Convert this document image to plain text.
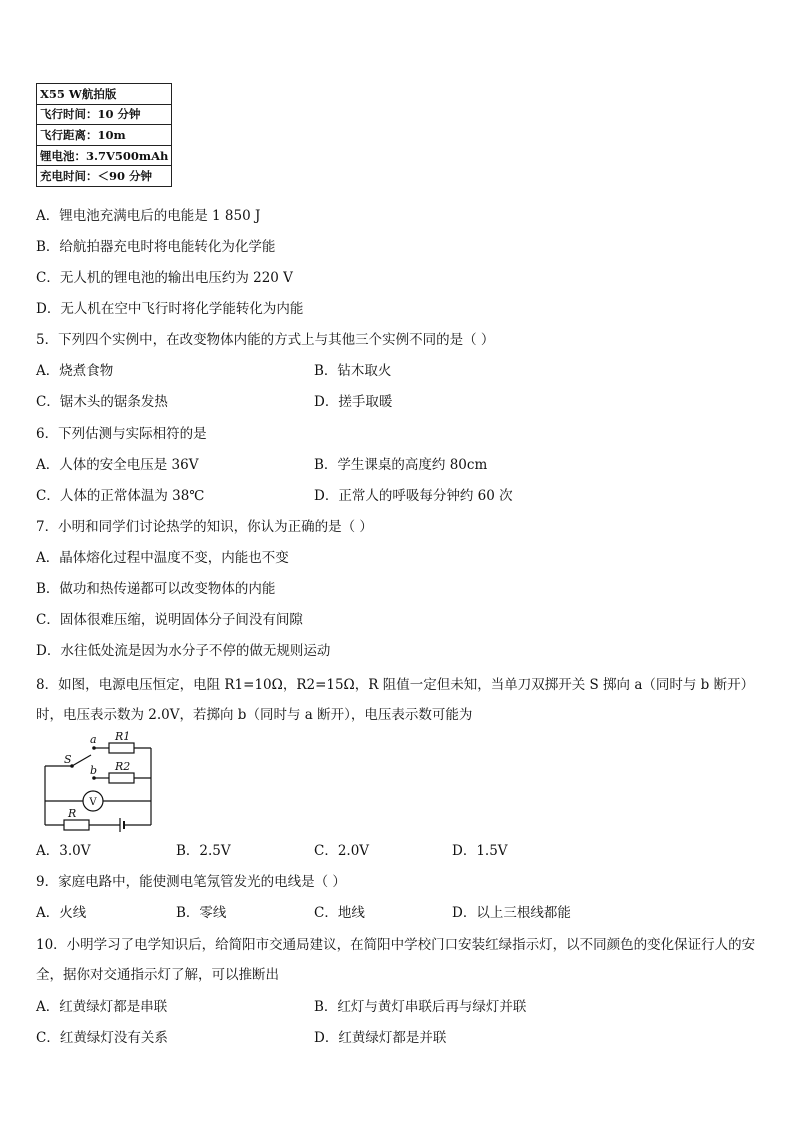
X55 W航拍版
飞行时间：10 分钟
飞行距离：10m
锂电池：3.7V500mAh
充电时间：＜90 分钟
A．锂电池充满电后的电能是 1 850 J
B．给航拍器充电时将电能转化为化学能
C．无人机的锂电池的输出电压约为 220 V
D．无人机在空中飞行时将化学能转化为内能
5．下列四个实例中，在改变物体内能的方式上与其他三个实例不同的是（ ）
A．烧煮食物	B．钻木取火
C．锯木头的锯条发热	D．搓手取暖
6．下列估测与实际相符的是
A．人体的安全电压是 36V	B．学生课桌的高度约 80cm
C．人体的正常体温为 38℃	D．正常人的呼吸每分钟约 60 次
7．小明和同学们讨论热学的知识，你认为正确的是（ ）
A．晶体熔化过程中温度不变，内能也不变
B．做功和热传递都可以改变物体的内能
C．固体很难压缩，说明固体分子间没有间隙
D．水往低处流是因为水分子不停的做无规则运动
8．如图，电源电压恒定，电阻 R1=10Ω，R2=15Ω，R 阻值一定但未知，当单刀双掷开关 S 掷向 a（同时与 b 断开）时，电压表示数为 2.0V，若掷向 b（同时与 a 断开），电压表示数可能为
a
b
S
R1
R2
R
V
A．3.0V	B．2.5V	C．2.0V	D．1.5V
9．家庭电路中，能使测电笔氖管发光的电线是（ ）
A．火线	B．零线	C．地线	D．以上三根线都能
10．小明学习了电学知识后，给简阳市交通局建议，在简阳中学校门口安装红绿指示灯，以不同颜色的变化保证行人的安全，据你对交通指示灯了解，可以推断出
A．红黄绿灯都是串联	B．红灯与黄灯串联后再与绿灯并联
C．红黄绿灯没有关系	D．红黄绿灯都是并联
